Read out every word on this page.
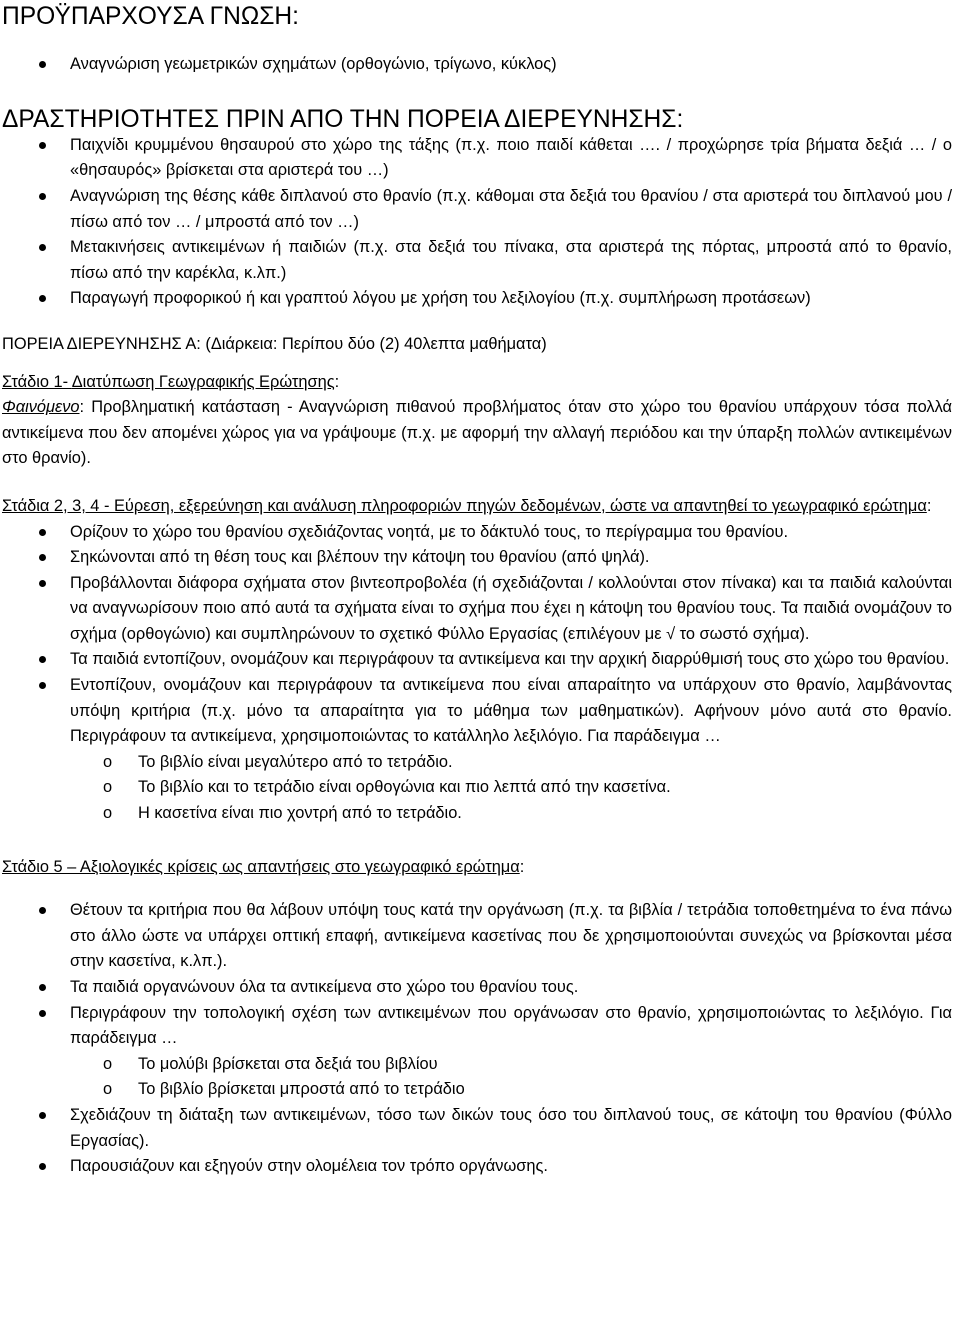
ΠΡΟΫΠΑΡΧΟΥΣΑ ΓΝΩΣΗ:
Αναγνώριση γεωμετρικών σχημάτων (ορθογώνιο, τρίγωνο, κύκλος)
ΔΡΑΣΤΗΡΙΟΤΗΤΕΣ ΠΡΙΝ ΑΠΟ ΤΗΝ ΠΟΡΕΙΑ ΔΙΕΡΕΥΝΗΣΗΣ:
Παιχνίδι κρυμμένου θησαυρού στο χώρο της τάξης (π.χ. ποιο παιδί κάθεται …. / προχώρησε τρία βήματα δεξιά … / ο «θησαυρός» βρίσκεται στα αριστερά του …)
Αναγνώριση της θέσης κάθε διπλανού στο θρανίο (π.χ. κάθομαι στα δεξιά του θρανίου / στα αριστερά του διπλανού μου / πίσω από τον … / μπροστά από τον …)
Μετακινήσεις αντικειμένων ή παιδιών (π.χ. στα δεξιά του πίνακα, στα αριστερά της πόρτας, μπροστά από το θρανίο, πίσω από την καρέκλα, κ.λπ.)
Παραγωγή προφορικού ή και γραπτού λόγου με χρήση του λεξιλογίου (π.χ. συμπλήρωση προτάσεων)

ΠΟΡΕΙΑ ΔΙΕΡΕΥΝΗΣΗΣ Α: (Διάρκεια: Περίπου δύο (2) 40λεπτα μαθήματα)

Στάδιο 1- Διατύπωση Γεωγραφικής Ερώτησης:

Φαινόμενο: Προβληματική κατάσταση - Αναγνώριση πιθανού προβλήματος όταν στο χώρο του θρανίου υπάρχουν τόσα πολλά αντικείμενα που δεν απομένει χώρος για να γράψουμε (π.χ. με αφορμή την αλλαγή περιόδου και την ύπαρξη πολλών αντικειμένων στο θρανίο).

Στάδια 2, 3, 4 - Εύρεση, εξερεύνηση και ανάλυση πληροφοριών πηγών δεδομένων, ώστε να απαντηθεί το γεωγραφικό ερώτημα:

Ορίζουν το χώρο του θρανίου σχεδιάζοντας νοητά, με το δάκτυλό τους, το περίγραμμα του θρανίου.
Σηκώνονται από τη θέση τους και βλέπουν την κάτοψη του θρανίου (από ψηλά).
Προβάλλονται διάφορα σχήματα στον βιντεοπροβολέα (ή σχεδιάζονται / κολλούνται στον πίνακα) και τα παιδιά καλούνται να αναγνωρίσουν ποιο από αυτά τα σχήματα είναι το σχήμα που έχει η κάτοψη του θρανίου τους. Τα παιδιά ονομάζουν το σχήμα (ορθογώνιο) και συμπληρώνουν το σχετικό Φύλλο Εργασίας (επιλέγουν με √ το σωστό σχήμα).
Τα παιδιά εντοπίζουν, ονομάζουν και περιγράφουν τα αντικείμενα και την αρχική διαρρύθμισή τους στο χώρο του θρανίου.
Εντοπίζουν, ονομάζουν και περιγράφουν τα αντικείμενα που είναι απαραίτητο να υπάρχουν στο θρανίο, λαμβάνοντας υπόψη κριτήρια (π.χ. μόνο τα απαραίτητα για το μάθημα των μαθηματικών). Αφήνουν μόνο αυτά στο θρανίο. Περιγράφουν τα αντικείμενα, χρησιμοποιώντας το κατάλληλο λεξιλόγιο. Για παράδειγμα …
o Το βιβλίο είναι μεγαλύτερο από το τετράδιο.
o Το βιβλίο και το τετράδιο είναι ορθογώνια και πιο λεπτά από την κασετίνα.
o Η κασετίνα είναι πιο χοντρή από το τετράδιο.

Στάδιο 5 – Αξιολογικές κρίσεις ως απαντήσεις στο γεωγραφικό ερώτημα:

Θέτουν τα κριτήρια που θα λάβουν υπόψη τους κατά την οργάνωση (π.χ. τα βιβλία / τετράδια τοποθετημένα το ένα πάνω στο άλλο ώστε να υπάρχει οπτική επαφή, αντικείμενα κασετίνας που δε χρησιμοποιούνται συνεχώς να βρίσκονται μέσα στην κασετίνα, κ.λπ.).
Τα παιδιά οργανώνουν όλα τα αντικείμενα στο χώρο του θρανίου τους.
Περιγράφουν την τοπολογική σχέση των αντικειμένων που οργάνωσαν στο θρανίο, χρησιμοποιώντας το λεξιλόγιο. Για παράδειγμα …
o Το μολύβι βρίσκεται στα δεξιά του βιβλίου
o Το βιβλίο βρίσκεται μπροστά από το τετράδιο
Σχεδιάζουν τη διάταξη των αντικειμένων, τόσο των δικών τους όσο του διπλανού τους, σε κάτοψη του θρανίου (Φύλλο Εργασίας).
Παρουσιάζουν και εξηγούν στην ολομέλεια τον τρόπο οργάνωσης.
